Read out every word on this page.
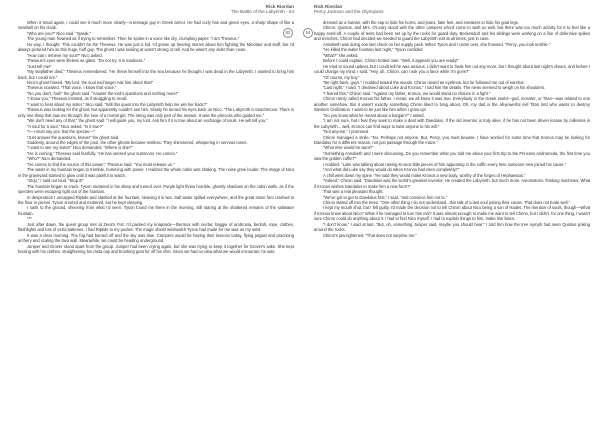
Rick Riordan
The Battle of the Labyrinth - 64
63

When it stood again, I could see it much more clearly—a teenage guy in Greek armor. He had curly hair and green eyes, a sharp shape of like a seashell on his cloak.

“Who are you?” Nico said. “Speak.”

The young man frowned as if trying to remember. Then he spoke in a voice like dry, crumpling paper: “I am Theseus.”

No way, I thought. This couldn't be the Theseus. He was just a kid. I'd grown up hearing stories about him fighting the Minotaur and stuff, but I'd always pictured him as this huge, buff guy. The ghost I was looking at wasn't strong or tall. And he wasn't any older than I was.

“How can I retrieve my soul?” Nico asked.

Theseus's eyes were lifeless as glass. “Do not try. It is madness.”

“Just tell me!”

“My stepfather died,” Theseus remembered. “He threw himself into the sea because he thought I was dead in the Labyrinth. I wanted to bring him back, but I could not.”

Nico's ghost hissed. “My lord, the soul exchange! Ask him about that!”

Theseus scowled. “That voice. I know that voice.”

“No you don't, fool!” the ghost said. “Answer the lord's questions and nothing more!”

“I know you,” Theseus insisted, as if struggling to recall.

“I want to hear about my sister,” Nico said. “Will this quest into the Labyrinth help me win her back?”

Theseus was looking for the ghost, but apparently couldn't see him. Slowly he turned his eyes back on Nico. “The Labyrinth is treacherous. There is only one thing that saw me through: the love of a mortal girl. The string was only part of the answer. It was the princess who guided me.”

“We don't need any of that,” the ghost said. “I will guide you, my lord. Ask him if it is true about an exchange of souls. He will tell you.”

“A soul for a soul,” Nico asked. “Is it true?”

“I—I must say yes. But the specter—”

“Just answer the questions, knave!” the ghost said.

Suddenly, around the edges of the pool, the other ghosts became restless. They shimmered, whispering in nervous tones.

“I want to see my sister!” Nico demanded. “Where is she?”

“He is coming,” Theseus said fearfully. “He has sensed your summons. He comes.”

“Who?” Nico demanded.

“He comes to find the source of this power,” Theseus said. “You must release us.”

The water in my fountain began to tremble, humming with power. I realized the whole cabin was shaking. The noise grew louder. The image of Nico in the graveyard started to glow until it was painful to watch.

“Stop,” I said out loud. “Stop it!”

The fountain began to crack. Tyson muttered in his sleep and turned over. Purple light threw horrible, ghostly shadows on the cabin walls, as if the specters were escaping right out of the fountain.

In desperation I uncapped Riptide and slashed at the fountain, cleaving it in two. Salt water spilled everywhere, and the great stone font crashed to the floor in pieces. Tyson snorted and muttered, but he kept sleeping.

I sank to the ground, shivering from what I'd seen. Tyson found me there in the morning, still staring at the shattered remains of the saltwater fountain.

***

Just after dawn, the quest group met at Zeus's Fist. I'd packed my knapsack—thermos with nectar, baggie of ambrosia, bedroll, rope, clothes, flashlights and lots of extra batteries. I had Riptide in my pocket. The magic shield wristwatch Tyson had made for me was on my wrist.

It was a clear morning. The fog had burned off and the sky was blue. Campers would be having their lessons today, flying pegasi and practicing archery and scaling the lava wall. Meanwhile, we could be heading underground.

Juniper and Grover stood apart from the group. Juniper had been crying again, but she was trying to keep it together for Grover's sake. She kept fussing with his clothes, straightening his rasta cap and brushing goat fur off his shirt. Since we had no idea what we would encounter, he was

Rick Riordan
Percy Jackson and the Olympians
64

dressed as a human, with the cap to hide his horns, and jeans, fake feet, and sneakers to hide his goat legs.

Chiron, Quintus, and Mrs. O'Leary stood with the other campers who'd come to wish us well, but there was too much activity for it to feel like a happy send-off. A couple of tents had been set up by the rocks for guard duty. Beckendorf and his siblings were working on a line of defensive spikes and trenches. Chiron had decided we needed to guard the Labyrinth exit at all times, just in case.

Annabeth was doing one last check on her supply pack. When Tyson and I came over, she frowned. “Percy, you look terrible.”

“He killed the water fountain last night,” Tyson confided.

“What?” she asked.

Before I could explain, Chiron trotted over. “Well, it appears you are ready!”

He tried to sound upbeat, but I could tell he was anxious. I didn't want to freak him out any more, but I thought about last night's dream, and before I could change my mind, I said, “Hey, uh, Chiron, can I ask you a favor while I'm gone?”

“Of course, my boy.”

“Be right back, guys.” I nodded toward the woods. Chiron raised an eyebrow, but he followed me out of earshot.

“Last night,” I said, “I dreamed about Luke and Kronos.” I told him the details. The news seemed to weigh on his shoulders.

“I feared this,” Chiron said. “Against my father, Kronos, we would stand no chance in a fight.”

Chiron rarely called Kronos his father. I mean, we all knew it was true. Everybody in the Greek world—god, monster, or Titan—was related to one another somehow. But it wasn't exactly something Chiron liked to brag about. Oh, my dad is the all-powerful evil Titan lord who wants to destroy Western Civilization. I want to be just like him when I grow up!

“Do you know what he meant about a bargain?” I asked.

“I am not sure, but I fear they seek to make a deal with Daedalus. If the old inventor is truly alive, if he has not been driven insane by millennia in the Labyrinth... well, Kronos can find ways to twist anyone to his will.”

“Not anyone,” I promised.

Chiron managed a smile. “No. Perhaps not anyone. But, Percy, you must beware. I have worried for some time that Kronos may be looking for Daedalus for a different reason, not just passage through the maze.”

“What else would he want?”

“Something Annabeth and I were discussing. Do you remember what you told me about your first trip to the Princess Andromeda, the first time you saw the golden coffin?”

I nodded. “Luke was talking about raising Kronos little pieces of him appearing in the coffin every time someone new joined his cause.”

“And what did Luke say they would do when Kronos had risen completely?”

A chill went down my spine. “He said they would make Kronos a new body, worthy of the forges of Hephaestus.”

“Indeed,” Chiron said. “Daedalus was the world's greatest inventor. He created the Labyrinth, but much more. Automatons, thinking machines. What if Kronos wishes Daedalus to make him a new form?”

That was a real pleasant thought.

“We've got to get to Daedalus first,” I said, “and convince him not to.”

Chiron stared off into the trees. “One other thing I do not understand...this talk of a last soul joining their cause. That does not bode well.”

I kept my mouth shut, but I felt guilty. I'd made the decision not to tell Chiron about Nico being a son of Hades. The mention of souls, though—What if Kronos knew about Nico? What if he managed to turn him evil? It was almost enough to make me want to tell Chiron, but I didn't. for one thing, I wasn't sure Chiron could do anything about it. I had to find Nico myself. I had to explain things to him, make him listen.

“I don't know,” I said at last. “But, uh, something Juniper said, maybe you should hear.” I told him how the tree nymph had seen Quintus poking around the rocks.

Chiron's jaw tightened. “That does not surprise me.”
